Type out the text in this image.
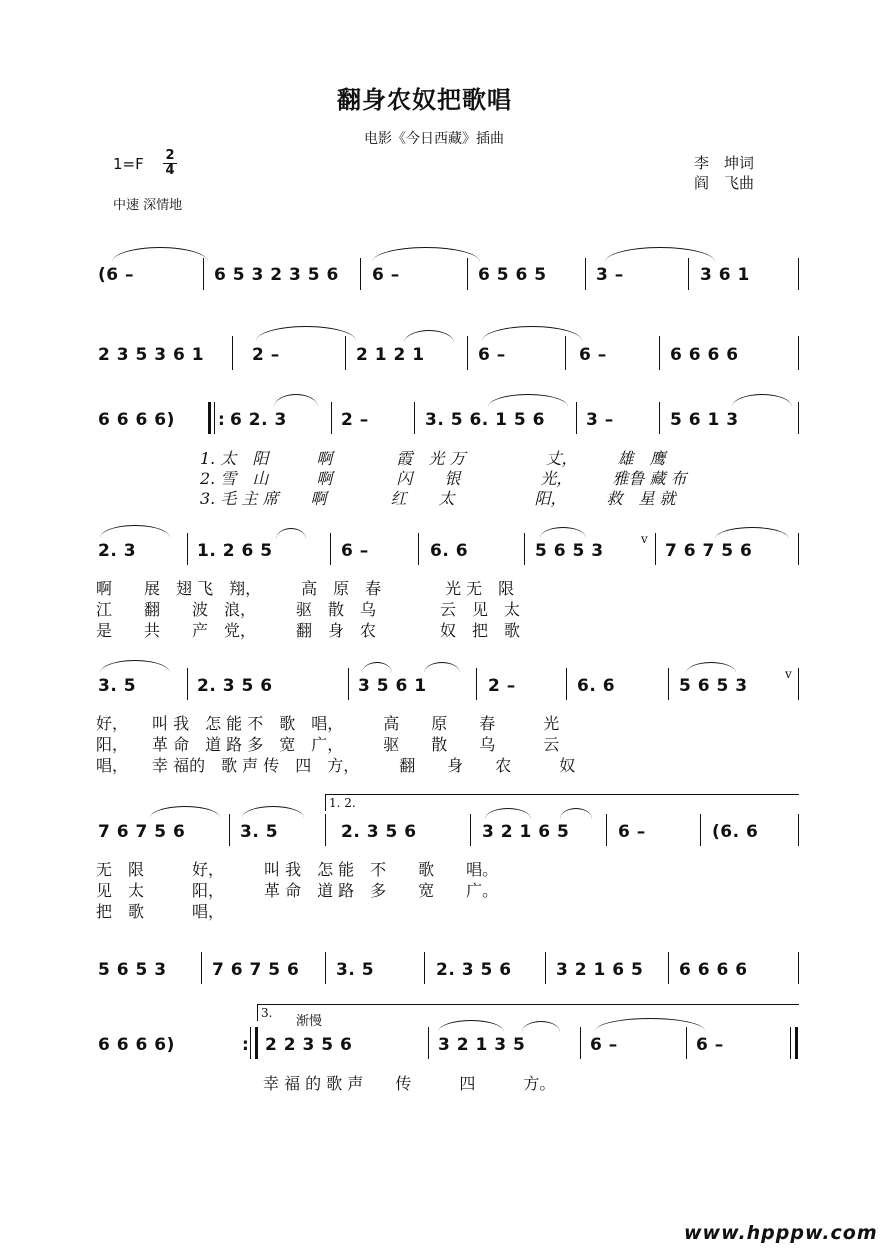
翻身农奴把歌唱
电影《今日西藏》插曲
1=F 2
4	李　坤词
阎　飞曲
中速 深情地
(6 –	6 5 3 2 3 5 6 6 –	6 5 6 5	3 –	3 6 1
2 3 5 3 6 1	2 –	2 1 2 1	6 –	6 –	6 6 6 6
6 6 6 6)	6 2. 3	2 –	3. 5 6. 1 5 6 3 –	5 6 1 3
:
1. 太　阳　　　啊　　　　霞　光 万　　　　　丈，　　　雄　鹰
2. 雪　山　　　啊　　　　闪　　银　　　　　光，　　　雅鲁 藏 布
3. 毛 主 席　　啊　　　　红　　太　　　　　阳，　　　救　星 就
2. 3	1. 2 6 5	6 –	6. 6	5 6 5 3	7 6 7 5 6
v
啊　　展　翅 飞　翔，　　　高　原　春　　　　光 无　限
江　　翻　　波　浪，　　　驱　散　乌　　　　云　见　太
是　　共　　产　党，　　　翻　身　农　　　　奴　把　歌
3. 5	2. 3 5 6	3 5 6 1	2 –	6. 6	5 6 5 3
v
好，　　叫 我　怎 能 不　歌　唱，　　　高　　原　　春　　　光
阳，　　革 命　道 路 多　宽　广，　　　驱　　散　　乌　　　云
唱，　　幸 福的　歌 声 传　四　方，　　　翻　　身　　农　　　奴
1. 2.
7 6 7 5 6	3. 5	2. 3 5 6	3 2 1 6 5	6 –	(6. 6
无　限　　　好，　　　叫 我　怎 能　不　　歌　　唱。
见　太　　　阳，　　　革 命　道 路　多　　宽　　广。
把　歌　　　唱，
5 6 5 3	7 6 7 5 6 3. 5	2. 3 5 6	3 2 1 6 5 6 6 6 6
3.
渐慢
6 6 6 6)	2 2 3 5 6	3 2 1 3 5	6 –	6 –
:
幸 福 的 歌 声　　传　　　四　　　方。
www.hpppw.com
